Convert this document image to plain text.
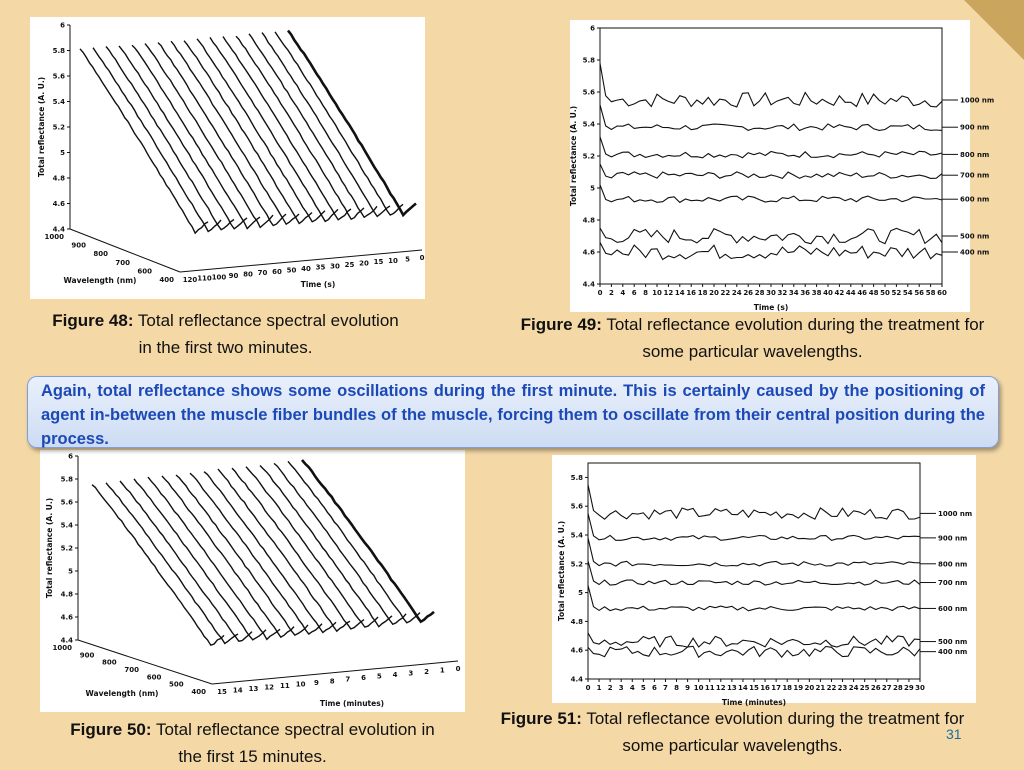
6
5.8
5.6
5.4
5.2
5
4.8
4.6
4.4
Total reflectance (A. U.)
1000
900
800
700
600
400
Wavelength (nm)	120 110 100 90 80 70 60 50 40 35 30 25 20 15 10 5 0
Time (s)
6
5.8
5.6
5.4
5.2
5
4.8
4.6
4.4
0 2 4 6 8 10 12 14 16 18 20 22 24 26 28 30 32 34 36 38 40 42 44 46 48 50 52 54 56 58 60
Time (s)
Total reflectance (A. U.)
1000 nm
900 nm
800 nm
700 nm
600 nm
500 nm
400 nm
6
5.8
5.6
5.4
5.2
5
4.8
4.6
4.4
Total reflectance (A. U.)
1000
900
800
700
600
500
400
Wavelength (nm)	15 14 13 12 11 10 9 8 7 6 5 4 3 2 1 0
Time (minutes)
5.8
5.6
5.4
5.2
5
4.8
4.6
4.4
0 1 2 3 4 5 6 7 8 9 10 11 12 13 14 15 16 17 18 19 20 21 22 23 24 25 26 27 28 29 30
Time (minutes)
Total reflectance (A. U.)
1000 nm
900 nm
800 nm
700 nm
600 nm
500 nm
400 nm
Figure 48: Total reflectance spectral evolution in the first two minutes.
Figure 49: Total reflectance evolution during the treatment for some particular wavelengths.
Figure 50: Total reflectance spectral evolution in the first 15 minutes.
Figure 51: Total reflectance evolution during the treatment for some particular wavelengths.
Again, total reflectance shows some oscillations during the first minute. This is certainly caused by the positioning of agent in-between the muscle fiber bundles of the muscle, forcing them to oscillate from their central position during the process.
31
